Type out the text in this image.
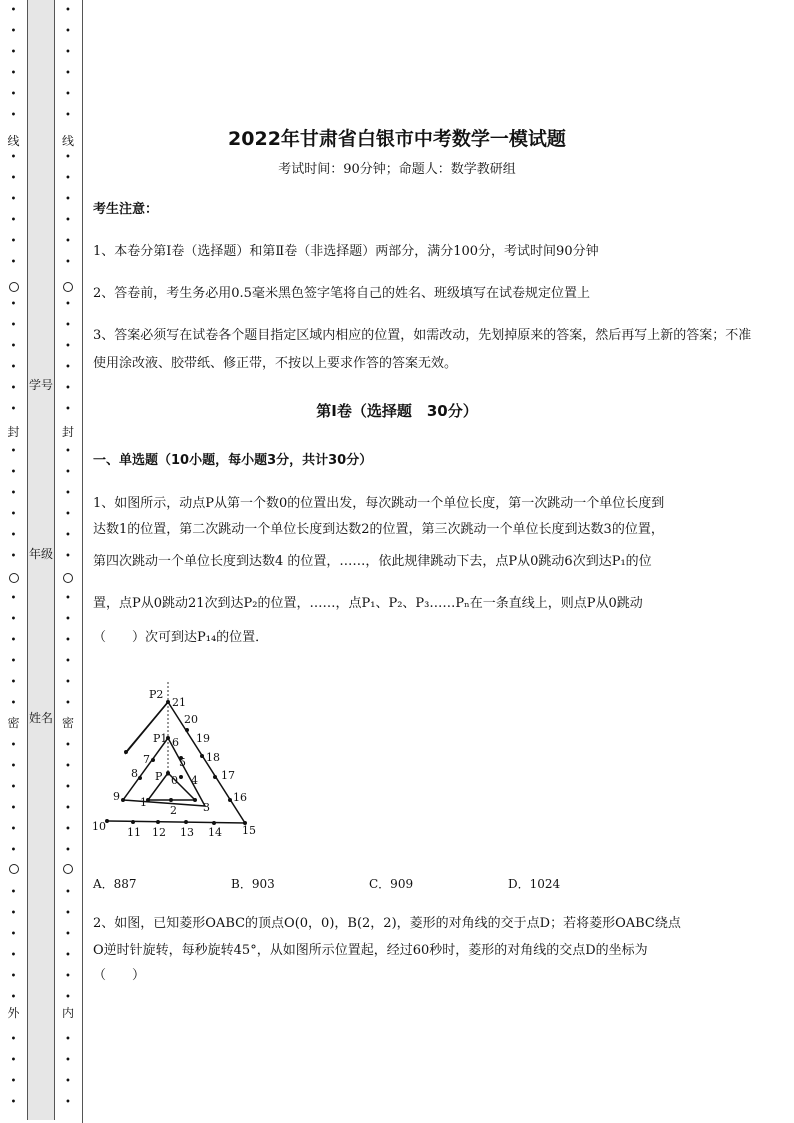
线
封
密
外
•
•
•
•
•
•
•
•
•
•
•
•
•
•
•
•
•
•
•
•
•
•
•
•
•
•
•
•
•
•
•
•
•
•
•
•
•
•
•
•
•
•
•
•
•
•
学号
年级
姓名
线
封
密
内
•
•
•
•
•
•
•
•
•
•
•
•
•
•
•
•
•
•
•
•
•
•
•
•
•
•
•
•
•
•
•
•
•
•
•
•
•
•
•
•
•
•
•
•
•
•
2022年甘肃省白银市中考数学一模试题
考试时间：90分钟；命题人：数学教研组
考生注意：
1、本卷分第I卷（选择题）和第Ⅱ卷（非选择题）两部分，满分100分，考试时间90分钟
2、答卷前，考生务必用0.5毫米黑色签字笔将自己的姓名、班级填写在试卷规定位置上
3、答案必须写在试卷各个题目指定区域内相应的位置，如需改动，先划掉原来的答案，然后再写上新的答案；不准使用涂改液、胶带纸、修正带，不按以上要求作答的答案无效。
第I卷（选择题　30分）
一、单选题（10小题，每小题3分，共计30分）
1、如图所示，动点P从第一个数0的位置出发，每次跳动一个单位长度，第一次跳动一个单位长度到
达数1的位置，第二次跳动一个单位长度到达数2的位置，第三次跳动一个单位长度到达数3的位置，
第四次跳动一个单位长度到达数4 的位置，……，依此规律跳动下去，点P从0跳动6次到达P₁的位
置，点P从0跳动21次到达P₂的位置，……，点P₁、P₂、P₃……Pₙ在一条直线上，则点P从0跳动
（　　）次可到达P₁₄的位置．
P2
P1
P
21
20
19
18
17
16
15
14
13
12
11
10
9
8
7
6
5
4
3
2
1
0
A．887	B．903	C．909	D．1024
2、如图，已知菱形OABC的顶点O(0，0)，B(2，2)，菱形的对角线的交于点D；若将菱形OABC绕点
O逆时针旋转，每秒旋转45°，从如图所示位置起，经过60秒时，菱形的对角线的交点D的坐标为
（　　）
